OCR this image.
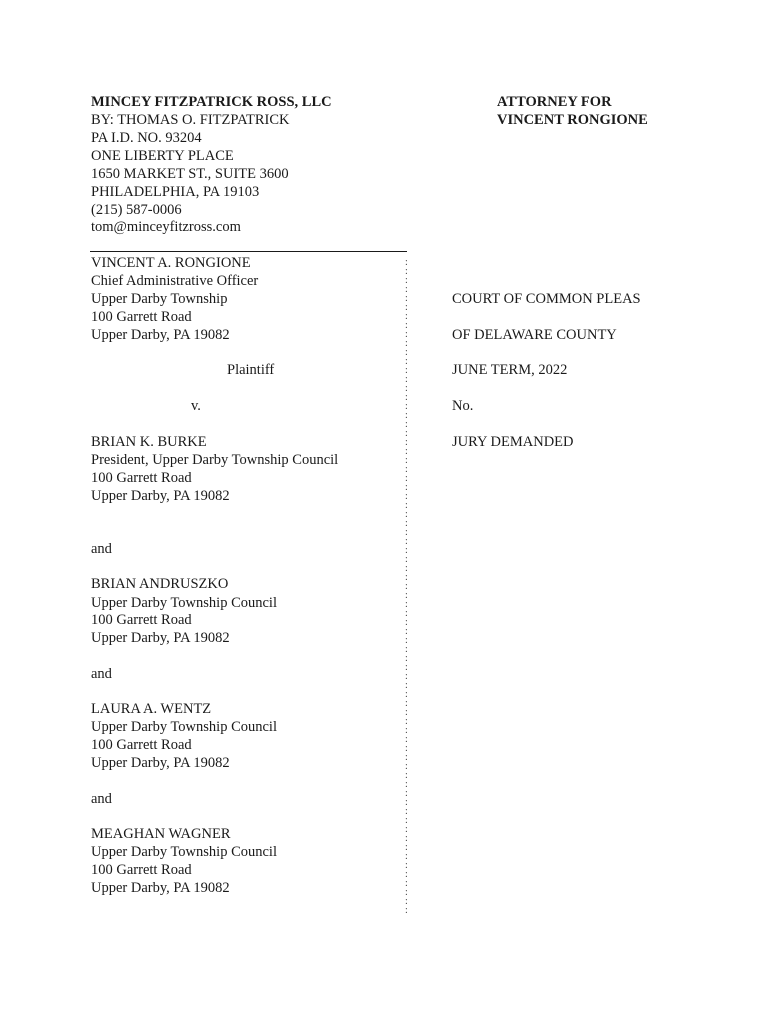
MINCEY FITZPATRICK ROSS, LLC
BY: THOMAS O. FITZPATRICK
PA I.D. NO. 93204
ONE LIBERTY PLACE
1650 MARKET ST., SUITE 3600
PHILADELPHIA, PA 19103
(215) 587-0006
tom@minceyfitzross.com
ATTORNEY FOR
VINCENT RONGIONE
VINCENT A. RONGIONE
Chief Administrative Officer
Upper Darby Township
100 Garrett Road
Upper Darby, PA 19082
Plaintiff
v.
BRIAN K. BURKE
President, Upper Darby Township Council
100 Garrett Road
Upper Darby, PA 19082
and
BRIAN ANDRUSZKO
Upper Darby Township Council
100 Garrett Road
Upper Darby, PA 19082
and
LAURA A. WENTZ
Upper Darby Township Council
100 Garrett Road
Upper Darby, PA 19082
and
MEAGHAN WAGNER
Upper Darby Township Council
100 Garrett Road
Upper Darby, PA 19082
:
:
:
:
:
:
:
:
:
:
:
:
:
:
:
:
:
:
:
:
:
:
:
:
:
:
:
:
:
:
:
:
:
:
:
:
:
:
:
:
:
:
:
:
:
:
:
:
:
:
:
:
:
:
:
:
:
:
:
:
:
:
:
:
:
:
:
:
:
:
:
:
:
COURT OF COMMON PLEAS
OF DELAWARE COUNTY
JUNE TERM, 2022
No.
JURY DEMANDED
